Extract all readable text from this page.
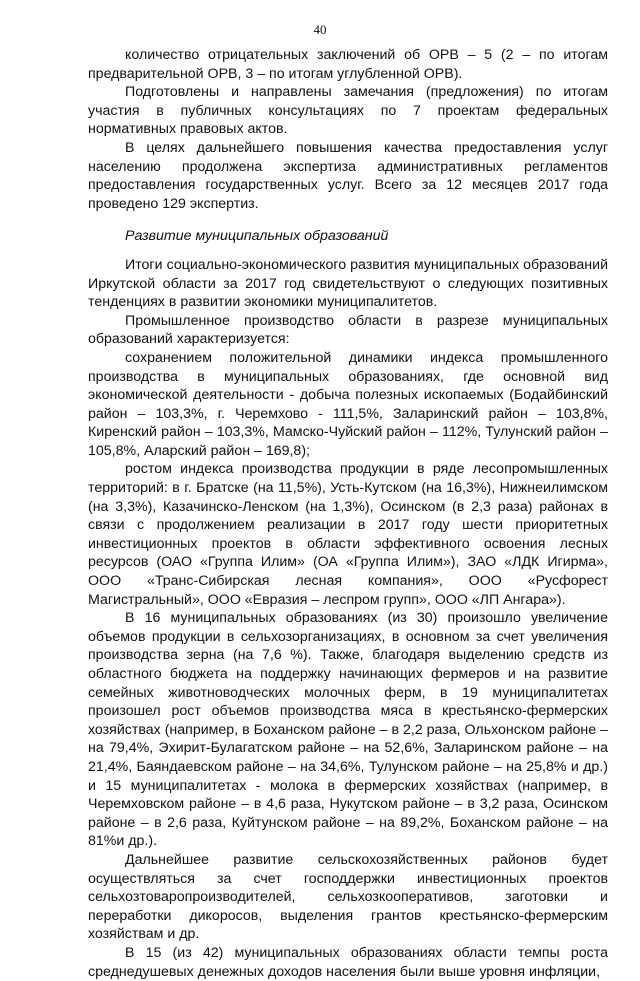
40

количество отрицательных заключений об ОРВ – 5 (2 – по итогам предварительной ОРВ, 3 – по итогам углубленной ОРВ).

Подготовлены и направлены замечания (предложения) по итогам участия в публичных консультациях по 7 проектам федеральных нормативных правовых актов.

В целях дальнейшего повышения качества предоставления услуг населению продолжена экспертиза административных регламентов предоставления государственных услуг. Всего за 12 месяцев 2017 года проведено 129 экспертиз.

Развитие муниципальных образований

Итоги социально-экономического развития муниципальных образований Иркутской области за 2017 год свидетельствуют о следующих позитивных тенденциях в развитии экономики муниципалитетов.

Промышленное производство области в разрезе муниципальных образований характеризуется:

сохранением положительной динамики индекса промышленного производства в муниципальных образованиях, где основной вид экономической деятельности - добыча полезных ископаемых (Бодайбинский район – 103,3%, г. Черемхово - 111,5%, Заларинский район – 103,8%, Киренский район – 103,3%, Мамско-Чуйский район – 112%, Тулунский район – 105,8%, Аларский район – 169,8);

ростом индекса производства продукции в ряде лесопромышленных территорий: в г. Братске (на 11,5%), Усть-Кутском (на 16,3%), Нижнеилимском (на 3,3%), Казачинско-Ленском (на 1,3%), Осинском (в 2,3 раза) районах в связи с продолжением реализации в 2017 году шести приоритетных инвестиционных проектов в области эффективного освоения лесных ресурсов (ОАО «Группа Илим» (ОА «Группа Илим»), ЗАО «ЛДК Игирма», ООО «Транс-Сибирская лесная компания», ООО «Русфорест Магистральный», ООО «Евразия – леспром групп», ООО «ЛП Ангара»).

В 16 муниципальных образованиях (из 30) произошло увеличение объемов продукции в сельхозорганизациях, в основном за счет увеличения производства зерна (на 7,6 %). Также, благодаря выделению средств из областного бюджета на поддержку начинающих фермеров и на развитие семейных животноводческих молочных ферм, в 19 муниципалитетах произошел рост объемов производства мяса в крестьянско-фермерских хозяйствах (например, в Боханском районе – в 2,2 раза, Ольхонском районе – на 79,4%, Эхирит-Булагатском районе – на 52,6%, Заларинском районе – на 21,4%, Баяндаевском районе – на 34,6%, Тулунском районе – на 25,8% и др.) и 15 муниципалитетах - молока в фермерских хозяйствах (например, в Черемховском районе – в 4,6 раза, Нукутском районе – в 3,2 раза, Осинском районе – в 2,6 раза, Куйтунском районе – на 89,2%, Боханском районе – на 81%и др.).

Дальнейшее развитие сельскохозяйственных районов будет осуществляться за счет господдержки инвестиционных проектов сельхозтоваропроизводителей, сельхозкооперативов, заготовки и переработки дикоросов, выделения грантов крестьянско-фермерским хозяйствам и др.

В 15 (из 42) муниципальных образованиях области темпы роста среднедушевых денежных доходов населения были выше уровня инфляции,
